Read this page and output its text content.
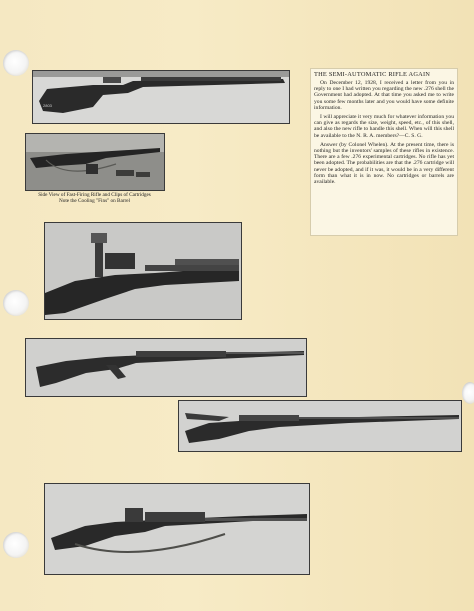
2803
Side View of Fast-Firing Rifle and Clips of Cartridges
Note the Cooling "Fins" on Barrel
THE SEMI-AUTOMATIC RIFLE AGAIN

On December 12, 1928, I received a letter from you in reply to one I had written you regarding the new .276 shell the Government had adopted. At that time you asked me to write you some few months later and you would have some definite information.

I will appreciate it very much for whatever information you can give as regards the size, weight, speed, etc., of this shell, and also the new rifle to handle this shell. When will this shell be available to the N. R. A. members?—C. S. G.

Answer (by Colonel Whelen). At the present time, there is nothing but the inventors' samples of these rifles in existence. There are a few .276 experimental cartridges. No rifle has yet been adopted. The probabilities are that the .276 cartridge will never be adopted, and if it was, it would be in a very different form than what it is in now. No cartridges or barrels are available.
